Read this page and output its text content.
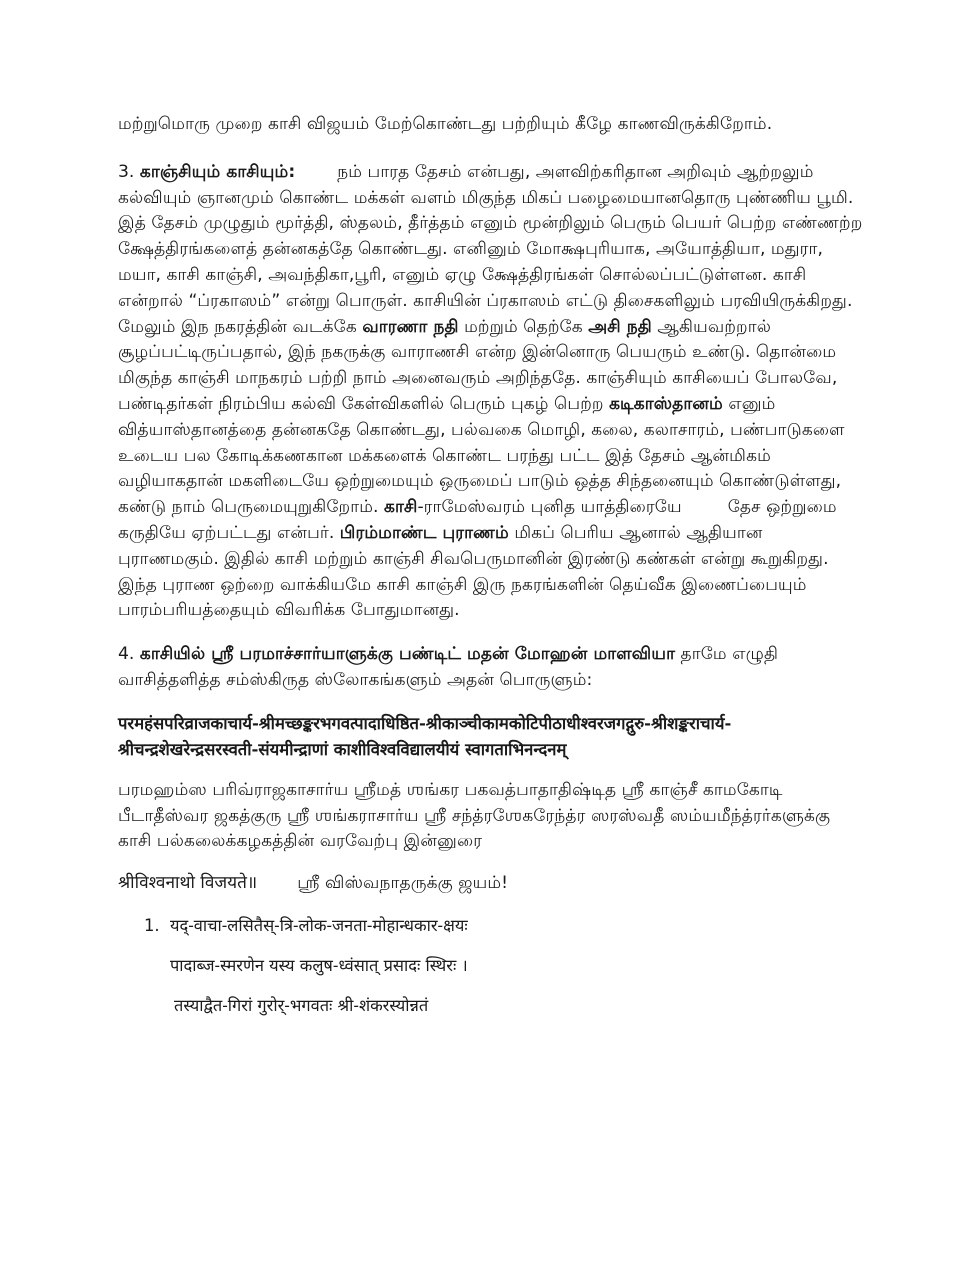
மற்றுமொரு முறை காசி விஜயம் மேற்கொண்டது பற்றியும் கீழே காணவிருக்கிறோம்.

3. காஞ்சியும் காசியும்: நம் பாரத தேசம் என்பது, அளவிற்கரிதான அறிவும் ஆற்றலும் கல்வியும் ஞானமும் கொண்ட மக்கள் வளம் மிகுந்த மிகப் பழைமையானதொரு புண்ணிய பூமி. இத் தேசம் முழுதும் மூர்த்தி, ஸ்தலம், தீர்த்தம் எனும் மூன்றிலும் பெரும் பெயர் பெற்ற எண்ணற்ற க்ஷேத்திரங்களைத் தன்னகத்தே கொண்டது. எனினும் மோக்ஷபுரியாக, அயோத்தியா, மதுரா, மயா, காசி காஞ்சி, அவந்திகா,பூரி, எனும் ஏழு க்ஷேத்திரங்கள் சொல்லப்பட்டுள்ளன. காசி என்றால் “ப்ரகாஸம்” என்று பொருள். காசியின் ப்ரகாஸம் எட்டு திசைகளிலும் பரவியிருக்கிறது. மேலும் இந நகரத்தின் வடக்கே வாரணா நதி மற்றும் தெற்கே அசி நதி ஆகியவற்றால் சூழப்பட்டிருப்பதால், இந் நகருக்கு வாராணசி என்ற இன்னொரு பெயரும் உண்டு. தொன்மை மிகுந்த காஞ்சி மாநகரம் பற்றி நாம் அனைவரும் அறிந்ததே. காஞ்சியும் காசியைப் போலவே, பண்டிதர்கள் நிரம்பிய கல்வி கேள்விகளில் பெரும் புகழ் பெற்ற கடிகாஸ்தானம் எனும் வித்யாஸ்தானத்தை தன்னகதே கொண்டது, பல்வகை மொழி, கலை, கலாசாரம், பண்பாடுகளை உடைய பல கோடிக்கணகான மக்களைக் கொண்ட பரந்து பட்ட இத் தேசம் ஆன்மிகம் வழியாகதான் மகளிடையே ஒற்றுமையும் ஒருமைப் பாடும் ஒத்த சிந்தனையும் கொண்டுள்ளது, கண்டு நாம் பெருமையுறுகிறோம். காசி-ராமேஸ்வரம் புனித யாத்திரையே	தேச ஒற்றுமை கருதியே ஏற்பட்டது என்பர். பிரம்மாண்ட புராணம் மிகப் பெரிய ஆனால் ஆதியான புராணமகும். இதில் காசி மற்றும் காஞ்சி சிவபெருமானின் இரண்டு கண்கள் என்று கூறுகிறது. இந்த புராண ஒற்றை வாக்கியமே காசி காஞ்சி இரு நகரங்களின் தெய்வீக இணைப்பையும் பாரம்பரியத்தையும் விவரிக்க போதுமானது.

4. காசியில் ஸ்ரீ பரமாச்சார்யாளுக்கு பண்டிட் மதன் மோஹன் மாளவியா தாமே எழுதி வாசித்தளித்த சம்ஸ்கிருத ஸ்லோகங்களும் அதன் பொருளும்:

परमहंसपरिव्राजकाचार्य-श्रीमच्छङ्करभगवत्पादाधिष्ठित-श्रीकाञ्चीकामकोटिपीठाधीश्वरजगद्गुरु-श्रीशङ्कराचार्य-श्रीचन्द्रशेखरेन्द्रसरस्वती-संयमीन्द्राणां काशीविश्वविद्यालयीयं स्वागताभिनन्दनम्

பரமஹம்ஸ பரிவ்ராஜகாசார்ய ஸ்ரீமத் ஶங்கர பகவத்பாதாதிஷ்டித ஸ்ரீ காஞ்சீ காமகோடி பீடாதீஸ்வர ஜகத்குரு ஸ்ரீ ஶங்கராசார்ய ஸ்ரீ சந்த்ரஶேகரேந்த்ர ஸரஸ்வதீ ஸம்யமீந்த்ரர்களுக்கு காசி பல்கலைக்கழகத்தின் வரவேற்பு இன்னுரை

श्रीविश्वनाथो विजयते॥ ஸ்ரீ விஸ்வநாதருக்கு ஜயம்!

1. यद्-वाचा-लसितैस्-त्रि-लोक-जनता-मोहान्धकार-क्षयः

पादाब्ज-स्मरणेन यस्य कलुष-ध्वंसात् प्रसादः स्थिरः ।

तस्याद्वैत-गिरां गुरोर्-भगवतः श्री-शंकरस्योन्नतं
